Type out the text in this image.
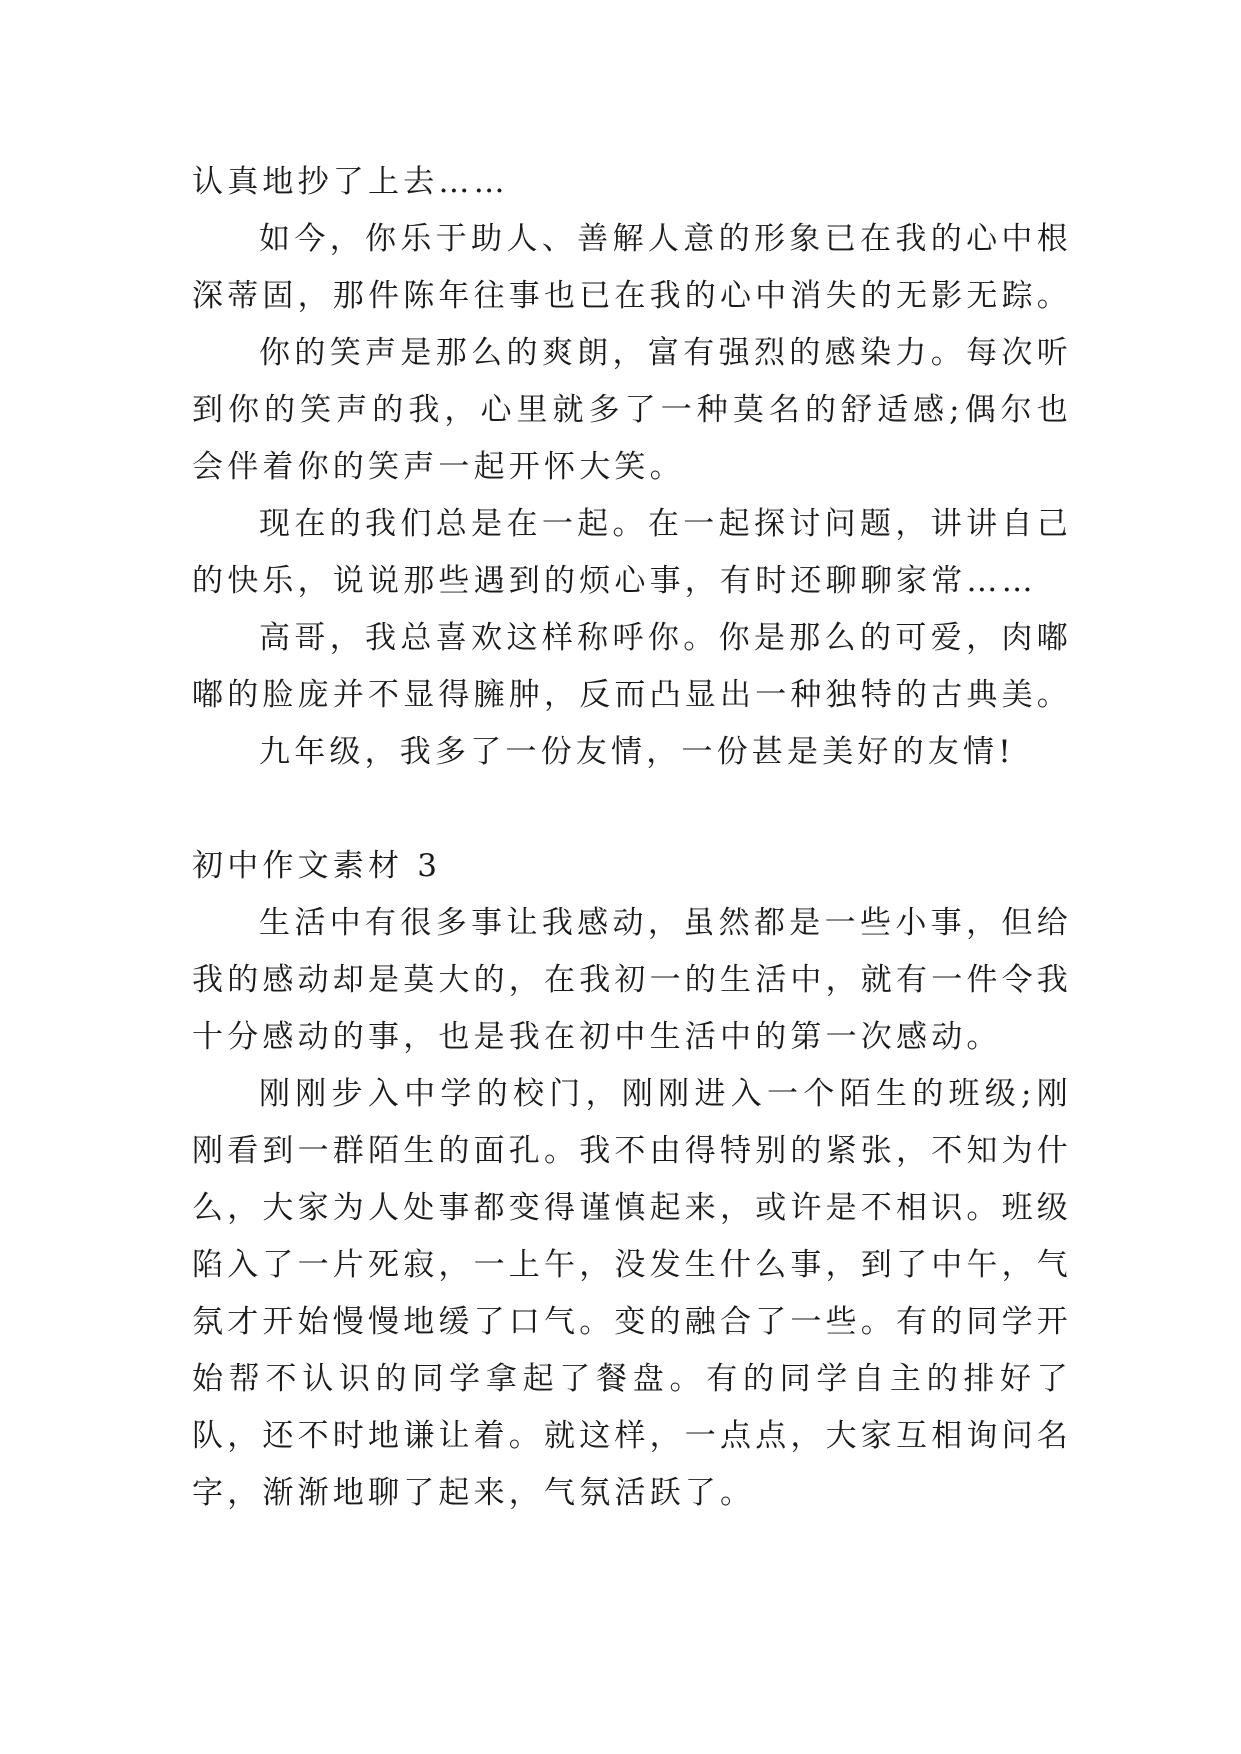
认真地抄了上去……

如今，你乐于助人、善解人意的形象已在我的心中根深蒂固，那件陈年往事也已在我的心中消失的无影无踪。

你的笑声是那么的爽朗，富有强烈的感染力。每次听到你的笑声的我，心里就多了一种莫名的舒适感;偶尔也会伴着你的笑声一起开怀大笑。

现在的我们总是在一起。在一起探讨问题，讲讲自己的快乐，说说那些遇到的烦心事，有时还聊聊家常……

高哥，我总喜欢这样称呼你。你是那么的可爱，肉嘟嘟的脸庞并不显得臃肿，反而凸显出一种独特的古典美。

九年级，我多了一份友情，一份甚是美好的友情!

初中作文素材 3

生活中有很多事让我感动，虽然都是一些小事，但给我的感动却是莫大的，在我初一的生活中，就有一件令我十分感动的事，也是我在初中生活中的第一次感动。

刚刚步入中学的校门，刚刚进入一个陌生的班级;刚刚看到一群陌生的面孔。我不由得特别的紧张，不知为什么，大家为人处事都变得谨慎起来，或许是不相识。班级陷入了一片死寂，一上午，没发生什么事，到了中午，气氛才开始慢慢地缓了口气。变的融合了一些。有的同学开始帮不认识的同学拿起了餐盘。有的同学自主的排好了队，还不时地谦让着。就这样，一点点，大家互相询问名字，渐渐地聊了起来，气氛活跃了。
